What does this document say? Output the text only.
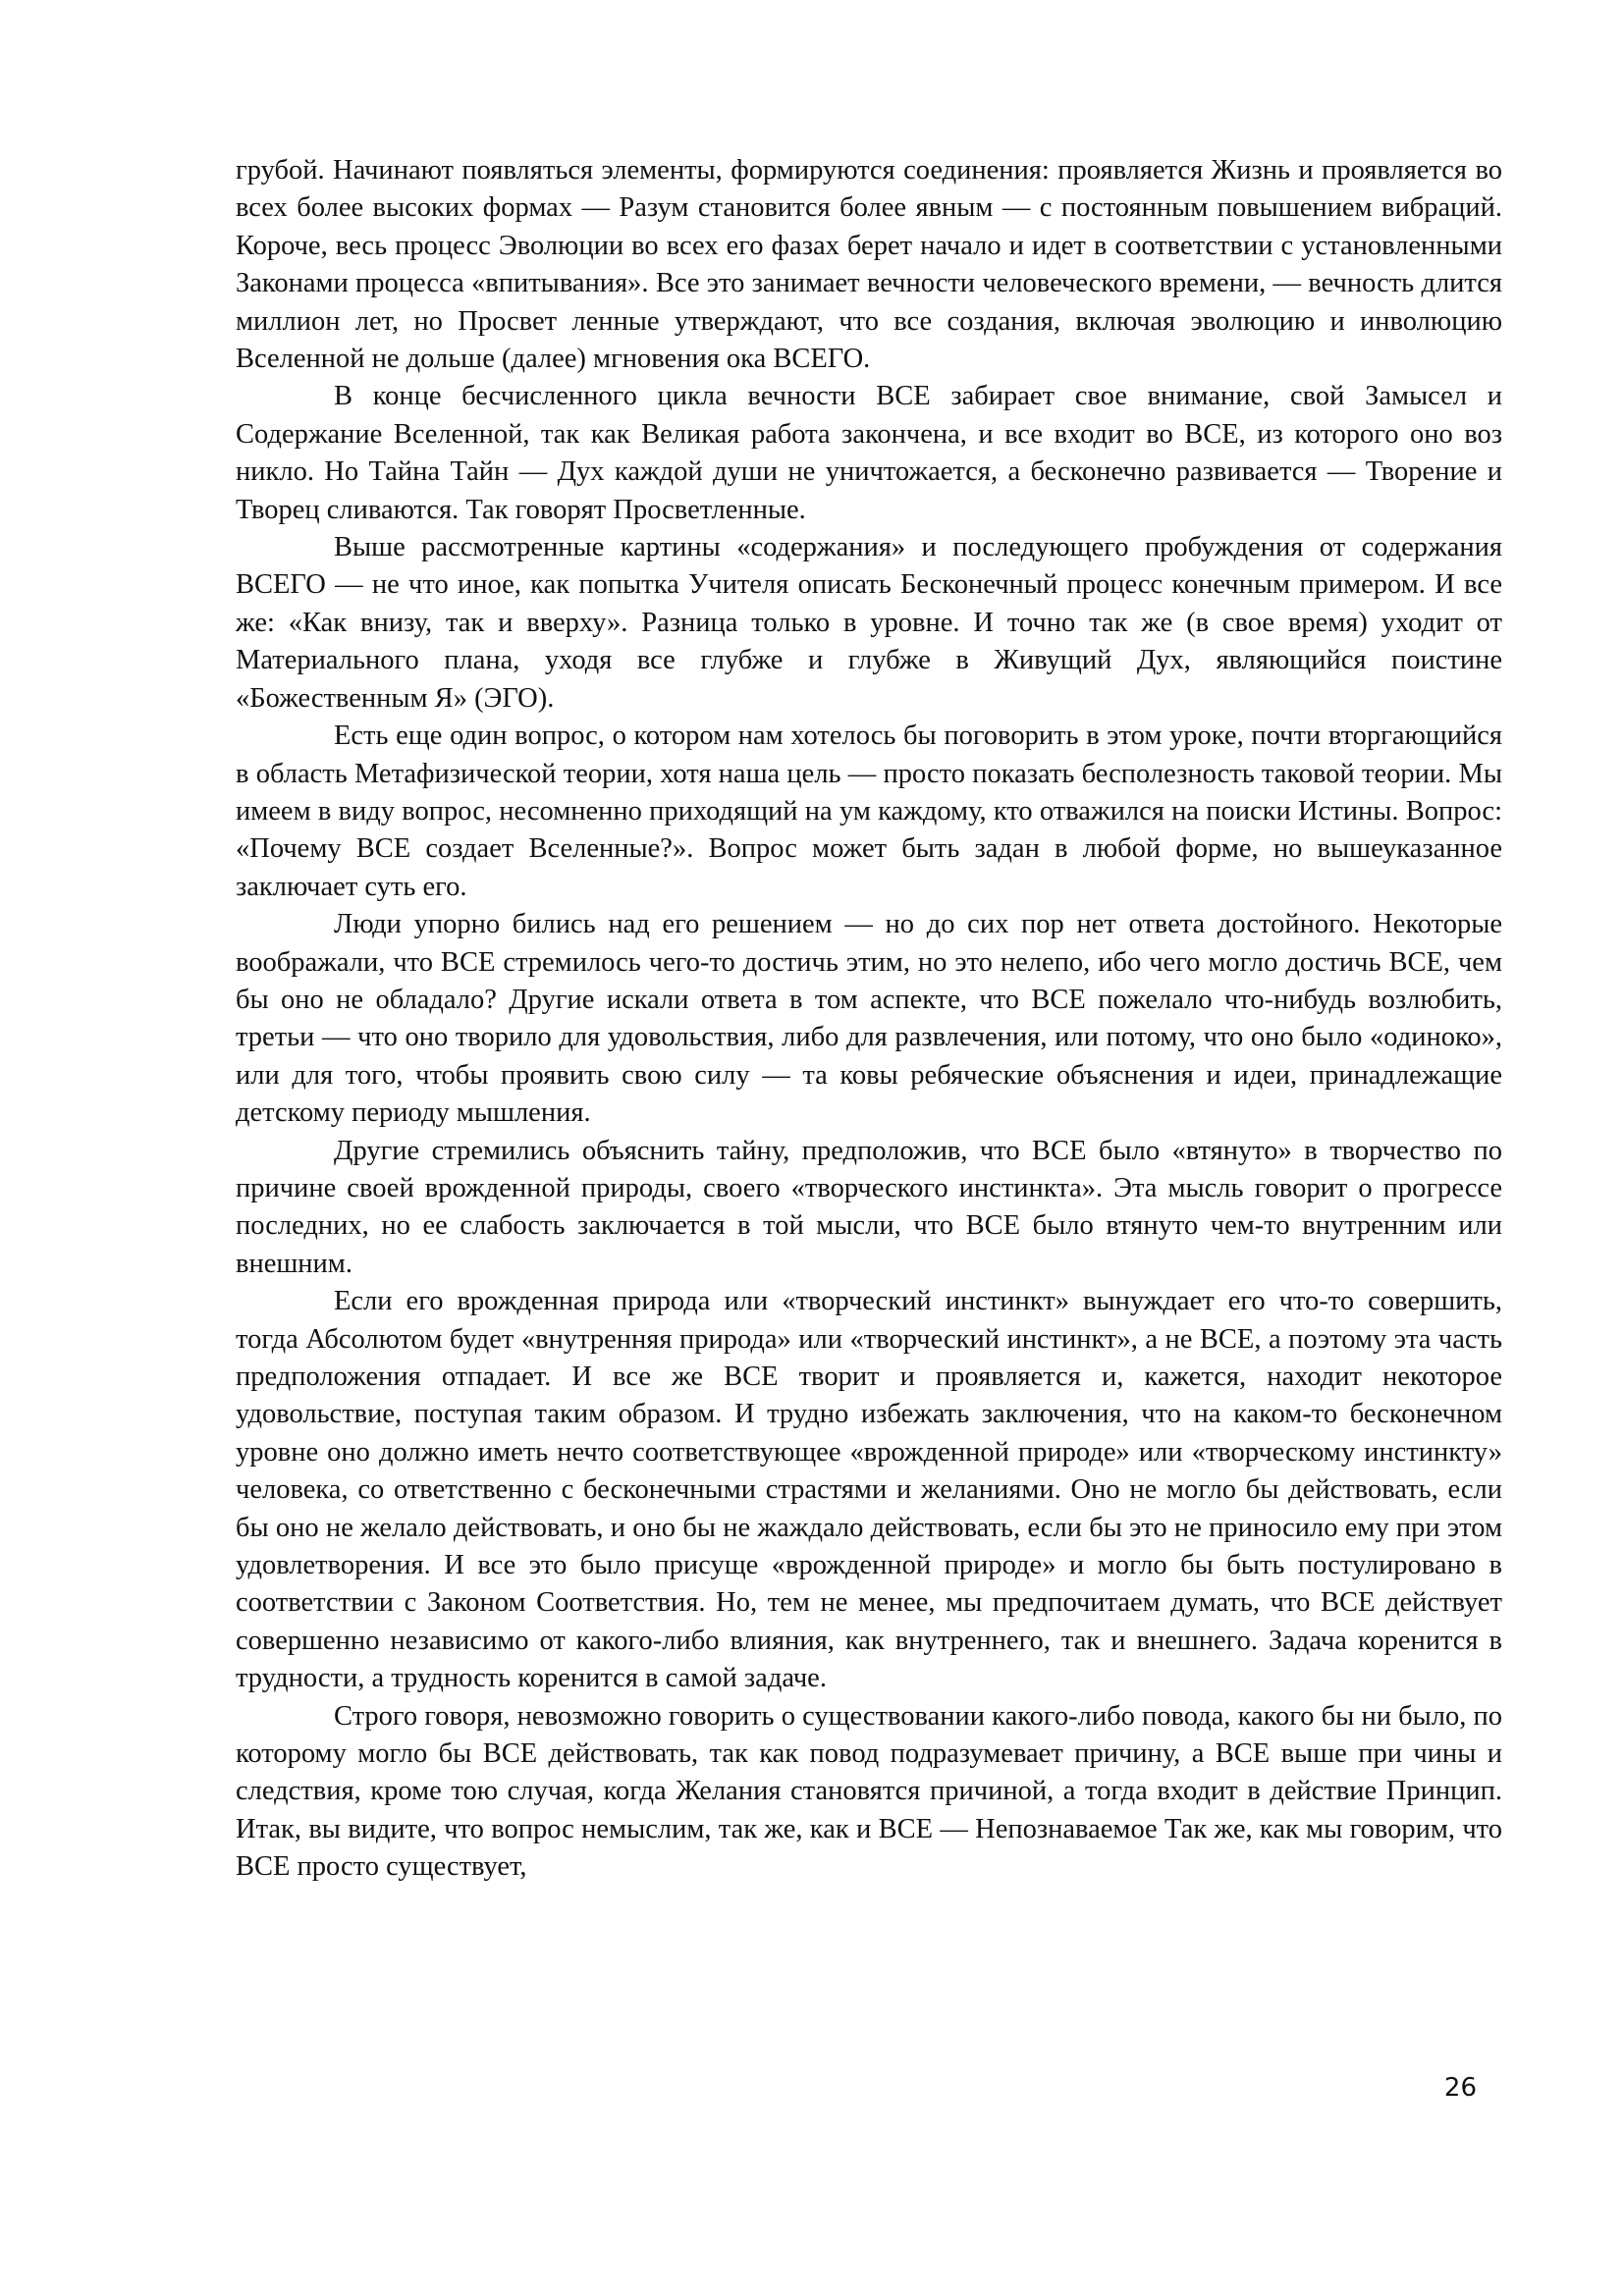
грубой. Начинают появляться элементы, формируются соединения: проявляется Жизнь и проявляется во всех более высоких формах — Разум становится более явным — с постоянным повышением вибраций. Короче, весь процесс Эволюции во всех его фазах берет начало и идет в соответствии с установленными Законами процесса «впитывания». Все это занимает вечности человеческого времени, — вечность длится миллион лет, но Просвет ленные утверждают, что все создания, включая эволюцию и инволюцию Вселенной не дольше (далее) мгновения ока ВСЕГО.

В конце бесчисленного цикла вечности ВСЕ забирает свое внимание, свой Замысел и Содержание Вселенной, так как Великая работа закончена, и все входит во ВСЕ, из которого оно воз никло. Но Тайна Тайн — Дух каждой души не уничтожается, а бесконечно развивается — Творение и Творец сливаются. Так говорят Просветленные.

Выше рассмотренные картины «содержания» и последующего пробуждения от содержания ВСЕГО — не что иное, как попытка Учителя описать Бесконечный процесс конечным примером. И все же: «Как внизу, так и вверху». Разница только в уровне. И точно так же (в свое время) уходит от Материального плана, уходя все глубже и глубже в Живущий Дух, являющийся поистине «Божественным Я» (ЭГО).

Есть еще один вопрос, о котором нам хотелось бы поговорить в этом уроке, почти вторгающийся в область Метафизической теории, хотя наша цель — просто показать бесполезность таковой теории. Мы имеем в виду вопрос, несомненно приходящий на ум каждому, кто отважился на поиски Истины. Вопрос: «Почему ВСЕ создает Вселенные?». Вопрос может быть задан в любой форме, но вышеуказанное заключает суть его.

Люди упорно бились над его решением — но до сих пор нет ответа достойного. Некоторые воображали, что ВСЕ стремилось чего-то достичь этим, но это нелепо, ибо чего могло достичь ВСЕ, чем бы оно не обладало? Другие искали ответа в том аспекте, что ВСЕ пожелало что-нибудь возлюбить, третьи — что оно творило для удовольствия, либо для развлечения, или потому, что оно было «одиноко», или для того, чтобы проявить свою силу — та ковы ребяческие объяснения и идеи, принадлежащие детскому периоду мышления.

Другие стремились объяснить тайну, предположив, что ВСЕ было «втянуто» в творчество по причине своей врожденной природы, своего «творческого инстинкта». Эта мысль говорит о прогрессе последних, но ее слабость заключается в той мысли, что ВСЕ было втянуто чем-то внутренним или внешним.

Если его врожденная природа или «творческий инстинкт» вынуждает его что-то совершить, тогда Абсолютом будет «внутренняя природа» или «творческий инстинкт», а не ВСЕ, а поэтому эта часть предположения отпадает. И все же ВСЕ творит и проявляется и, кажется, находит некоторое удовольствие, поступая таким образом. И трудно избежать заключения, что на каком-то бесконечном уровне оно должно иметь нечто соответствующее «врожденной природе» или «творческому инстинкту» человека, со ответственно с бесконечными страстями и желаниями. Оно не могло бы действовать, если бы оно не желало действовать, и оно бы не жаждало действовать, если бы это не приносило ему при этом удовлетворения. И все это было присуще «врожденной природе» и могло бы быть постулировано в соответствии с Законом Соответствия. Но, тем не менее, мы предпочитаем думать, что ВСЕ действует совершенно независимо от какого-либо влияния, как внутреннего, так и внешнего. Задача коренится в трудности, а трудность коренится в самой задаче.

Строго говоря, невозможно говорить о существовании какого-либо повода, какого бы ни было, по которому могло бы ВСЕ действовать, так как повод подразумевает причину, а ВСЕ выше при чины и следствия, кроме тою случая, когда Желания становятся причиной, а тогда входит в действие Принцип. Итак, вы видите, что вопрос немыслим, так же, как и ВСЕ — Непознаваемое Так же, как мы говорим, что ВСЕ просто существует,

26
